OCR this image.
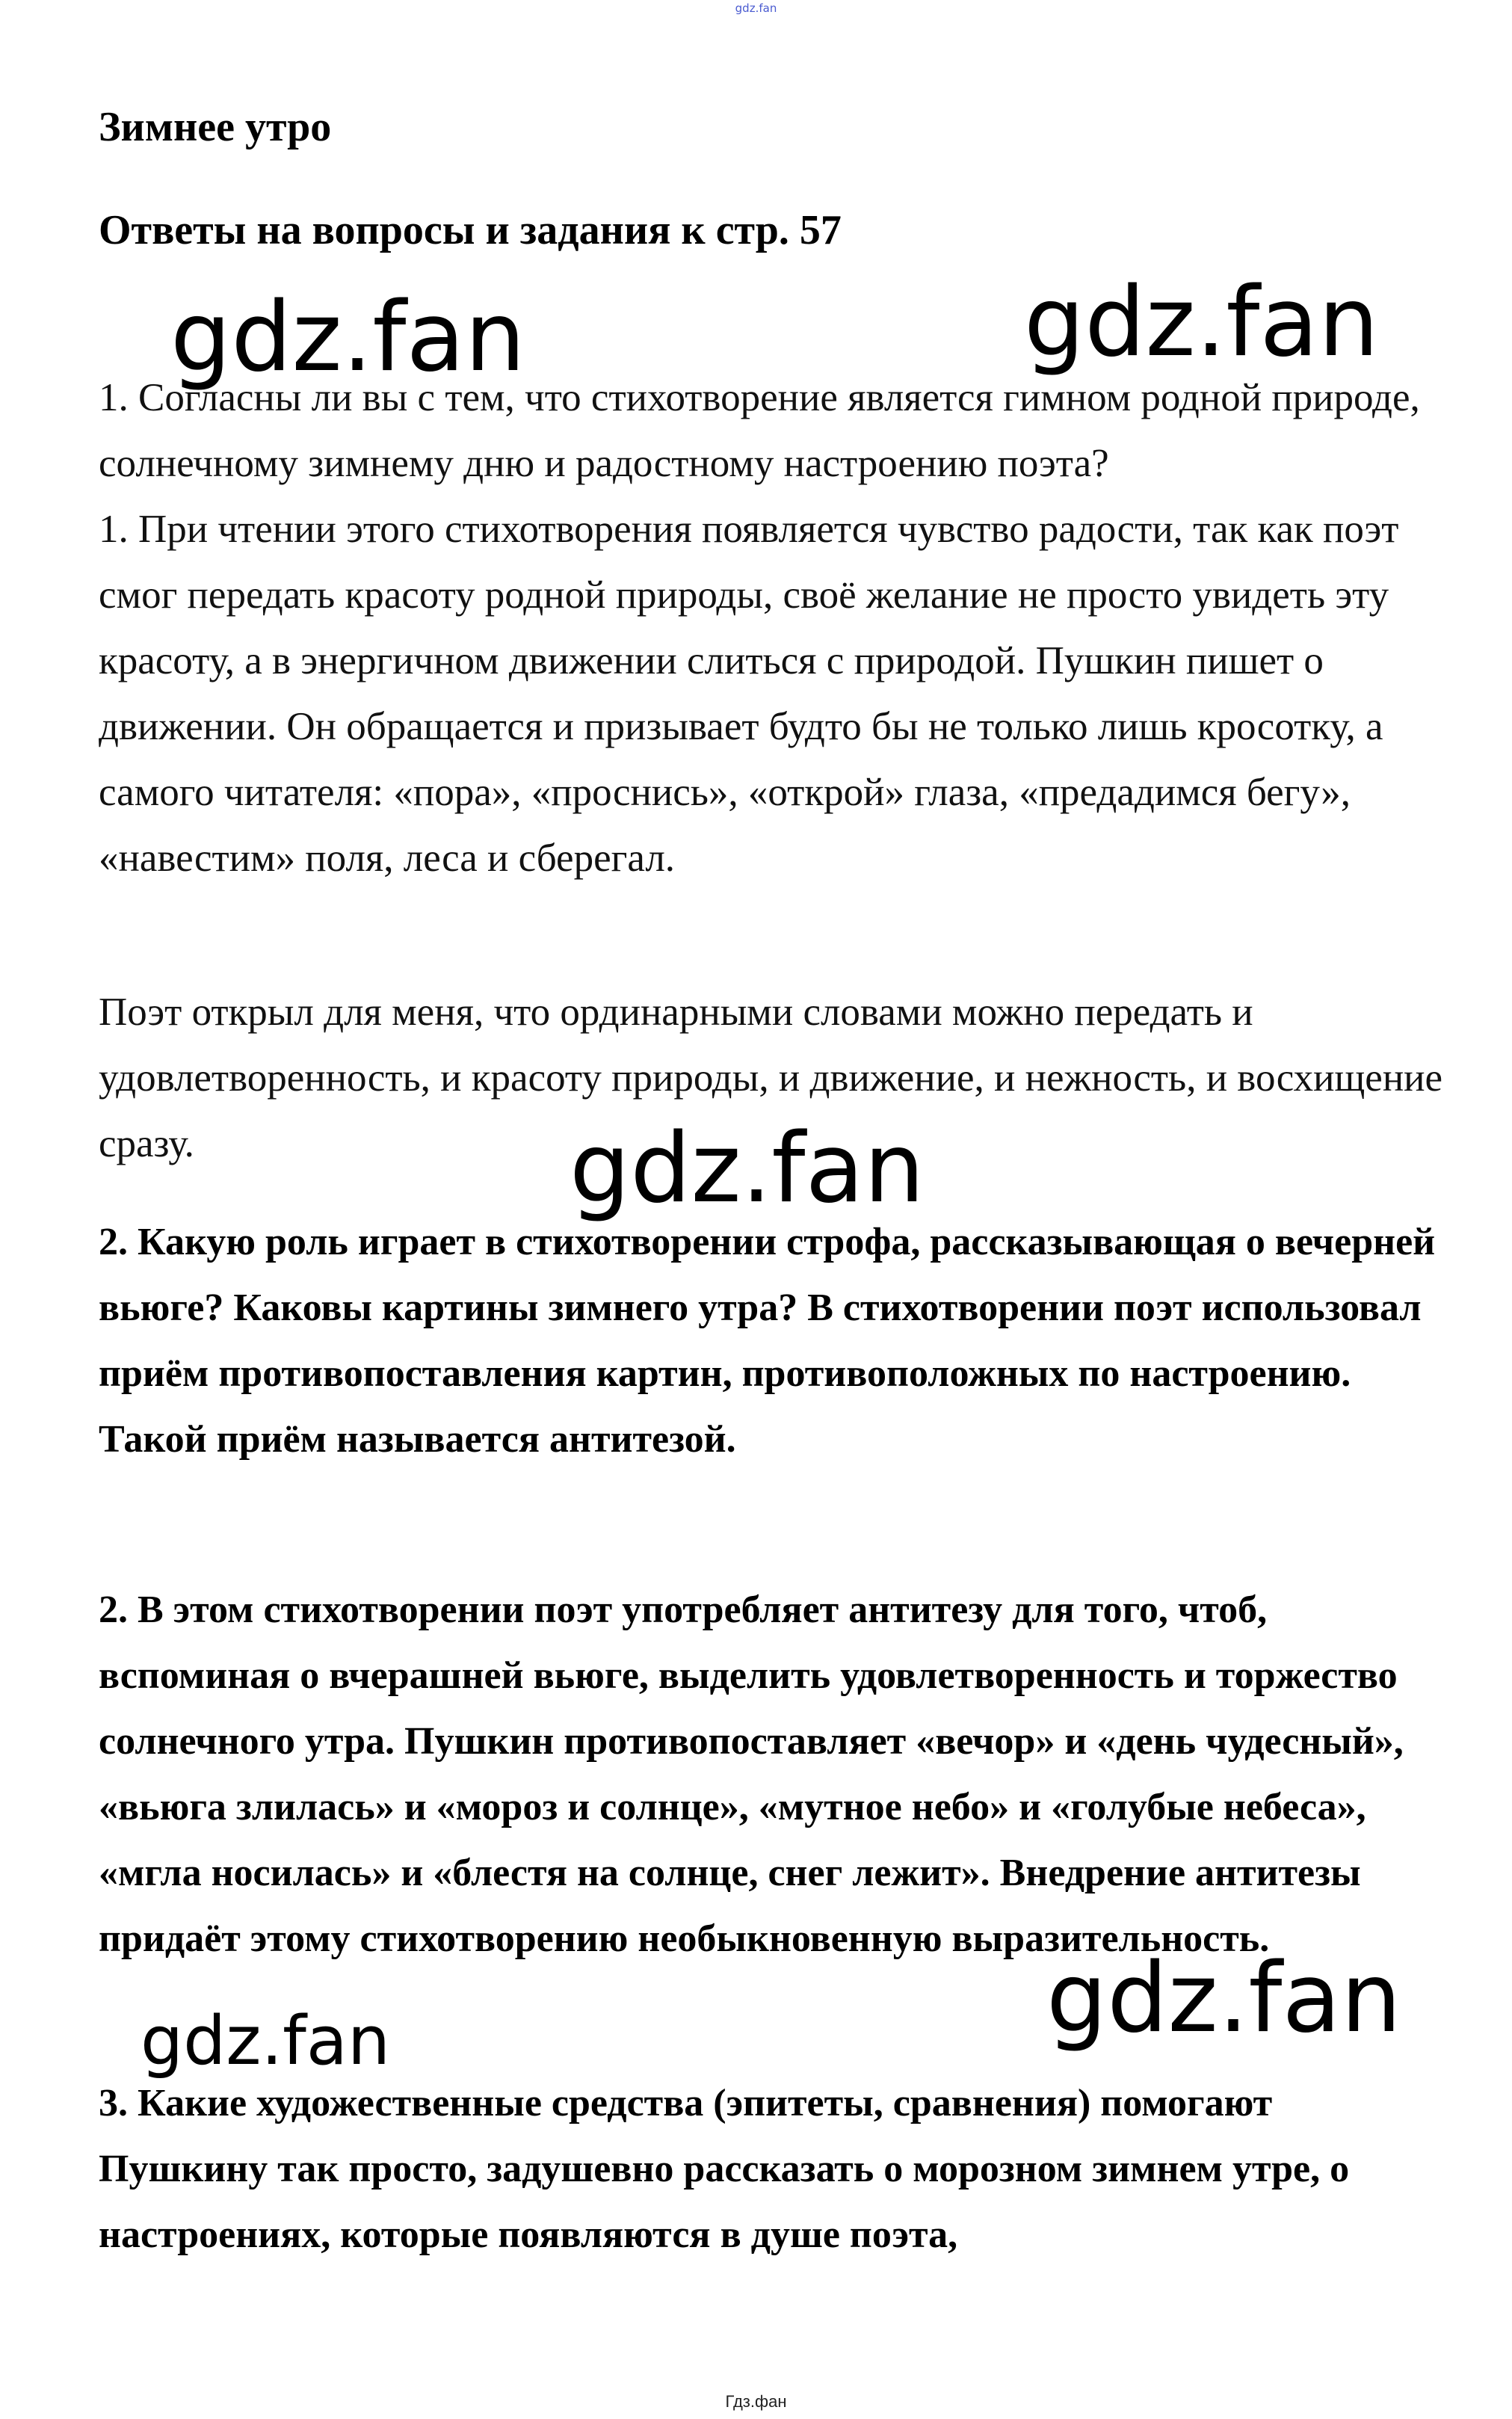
gdz.fan
Зимнее утро
Ответы на вопросы и задания к стр. 57

1. Согласны ли вы с тем, что стихотворение является гимном родной природе, солнечному зимнему дню и радостному настроению поэта?

1. При чтении этого стихотворения появляется чувство радости, так как поэт смог передать красоту родной природы, своё желание не просто увидеть эту красоту, а в энергичном движении слиться с природой. Пушкин пишет о движении. Он обращается и призывает будто бы не только лишь кросотку, а самого читателя: «пора», «проснись», «открой» глаза, «предадимся бегу», «навестим» поля, леса и сберегал.

Поэт открыл для меня, что ординарными словами можно передать и удовлетворенность, и красоту природы, и движение, и нежность, и восхищение сразу.

2. Какую роль играет в стихотворении строфа, рассказывающая о вечерней вьюге? Каковы картины зимнего утра? В стихотворении поэт использовал приём противопоставления картин, противоположных по настроению. Такой приём называется антитезой.

2. В этом стихотворении поэт употребляет антитезу для того, чтоб, вспоминая о вчерашней вьюге, выделить удовлетворенность и торжество солнечного утра. Пушкин противопоставляет «вечор» и «день чудесный», «вьюга злилась» и «мороз и солнце», «мутное небо» и «голубые небеса», «мгла носилась» и «блестя на солнце, снег лежит». Внедрение антитезы придаёт этому стихотворению необыкновенную выразительность.

3. Какие художественные средства (эпитеты, сравнения) помогают Пушкину так просто, задушевно рассказать о морозном зимнем утре, о настроениях, которые появляются в душе поэта,

gdz.fan	gdz.fan
gdz.fan
gdz.fan
gdz.fan
Гдз.фан
